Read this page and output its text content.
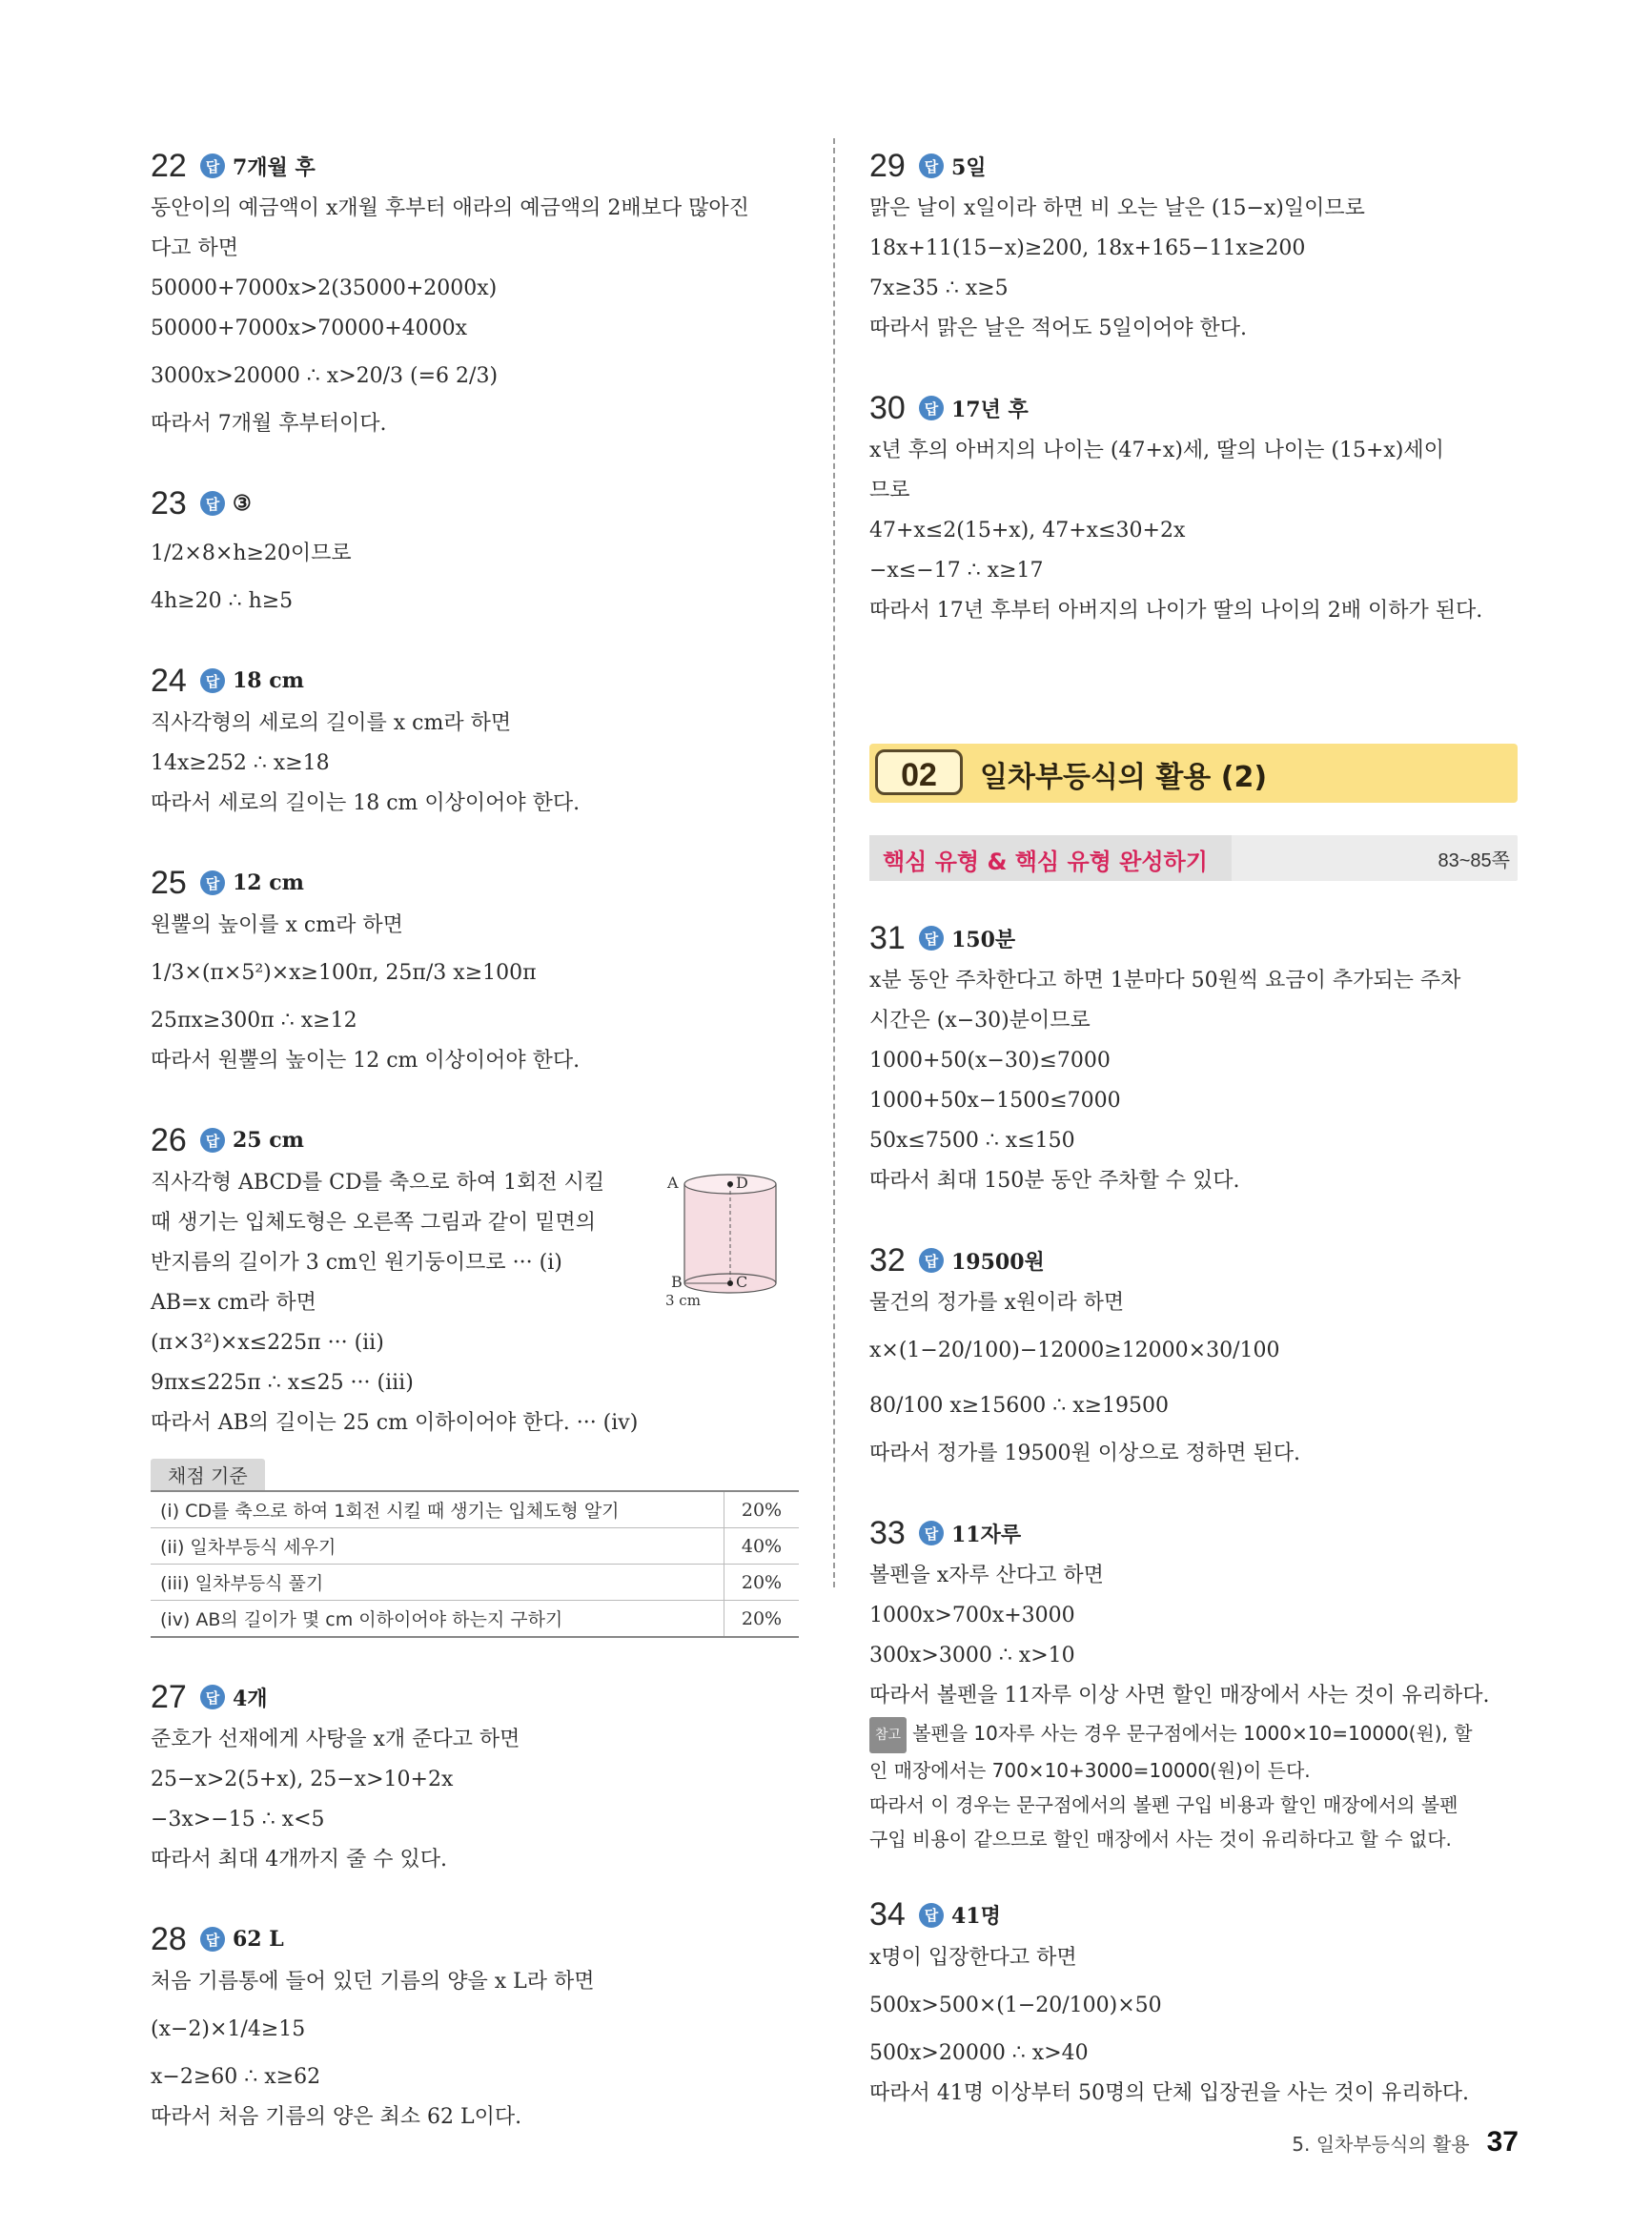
22	답 7개월 후
동안이의 예금액이 x개월 후부터 애라의 예금액의 2배보다 많아진
다고 하면
50000+7000x>2(35000+2000x)
50000+7000x>70000+4000x
3000x>20000 ∴ x>20/3 (=6 2/3)
따라서 7개월 후부터이다.
23	답 ③
1/2×8×h≥20이므로
4h≥20 ∴ h≥5
24	답 18 cm
직사각형의 세로의 길이를 x cm라 하면
14x≥252 ∴ x≥18
따라서 세로의 길이는 18 cm 이상이어야 한다.
25	답 12 cm
원뿔의 높이를 x cm라 하면
1/3×(π×5²)×x≥100π, 25π/3 x≥100π
25πx≥300π ∴ x≥12
따라서 원뿔의 높이는 12 cm 이상이어야 한다.
26	답 25 cm
직사각형 ABCD를 CD를 축으로 하여 1회전 시킬
때 생기는 입체도형은 오른쪽 그림과 같이 밑면의
반지름의 길이가 3 cm인 원기둥이므로 ··· (i)
AB=x cm라 하면
(π×3²)×x≤225π ··· (ii)
9πx≤225π ∴ x≤25 ··· (iii)
따라서 AB의 길이는 25 cm 이하이어야 한다. ··· (iv)
A	D
B	C
3 cm
채점 기준
(i) CD를 축으로 하여 1회전 시킬 때 생기는 입체도형 알기	20%
(ii) 일차부등식 세우기	40%
(iii) 일차부등식 풀기	20%
(iv) AB의 길이가 몇 cm 이하이어야 하는지 구하기	20%
27	답 4개
준호가 선재에게 사탕을 x개 준다고 하면
25−x>2(5+x), 25−x>10+2x
−3x>−15 ∴ x<5
따라서 최대 4개까지 줄 수 있다.
28	답 62 L
처음 기름통에 들어 있던 기름의 양을 x L라 하면
(x−2)×1/4≥15
x−2≥60 ∴ x≥62
따라서 처음 기름의 양은 최소 62 L이다.
29	답 5일
맑은 날이 x일이라 하면 비 오는 날은 (15−x)일이므로
18x+11(15−x)≥200, 18x+165−11x≥200
7x≥35 ∴ x≥5
따라서 맑은 날은 적어도 5일이어야 한다.
30	답 17년 후
x년 후의 아버지의 나이는 (47+x)세, 딸의 나이는 (15+x)세이
므로
47+x≤2(15+x), 47+x≤30+2x
−x≤−17 ∴ x≥17
따라서 17년 후부터 아버지의 나이가 딸의 나이의 2배 이하가 된다.
02	일차부등식의 활용 (2)
핵심 유형 & 핵심 유형 완성하기	83~85쪽
31	답 150분
x분 동안 주차한다고 하면 1분마다 50원씩 요금이 추가되는 주차
시간은 (x−30)분이므로
1000+50(x−30)≤7000
1000+50x−1500≤7000
50x≤7500 ∴ x≤150
따라서 최대 150분 동안 주차할 수 있다.
32	답 19500원
물건의 정가를 x원이라 하면
x×(1−20/100)−12000≥12000×30/100
80/100 x≥15600 ∴ x≥19500
따라서 정가를 19500원 이상으로 정하면 된다.
33	답 11자루
볼펜을 x자루 산다고 하면
1000x>700x+3000
300x>3000 ∴ x>10
따라서 볼펜을 11자루 이상 사면 할인 매장에서 사는 것이 유리하다.
참고 볼펜을 10자루 사는 경우 문구점에서는 1000×10=10000(원), 할
인 매장에서는 700×10+3000=10000(원)이 든다.
따라서 이 경우는 문구점에서의 볼펜 구입 비용과 할인 매장에서의 볼펜
구입 비용이 같으므로 할인 매장에서 사는 것이 유리하다고 할 수 없다.
34	답 41명
x명이 입장한다고 하면
500x>500×(1−20/100)×50
500x>20000 ∴ x>40
따라서 41명 이상부터 50명의 단체 입장권을 사는 것이 유리하다.
5. 일차부등식의 활용 37
